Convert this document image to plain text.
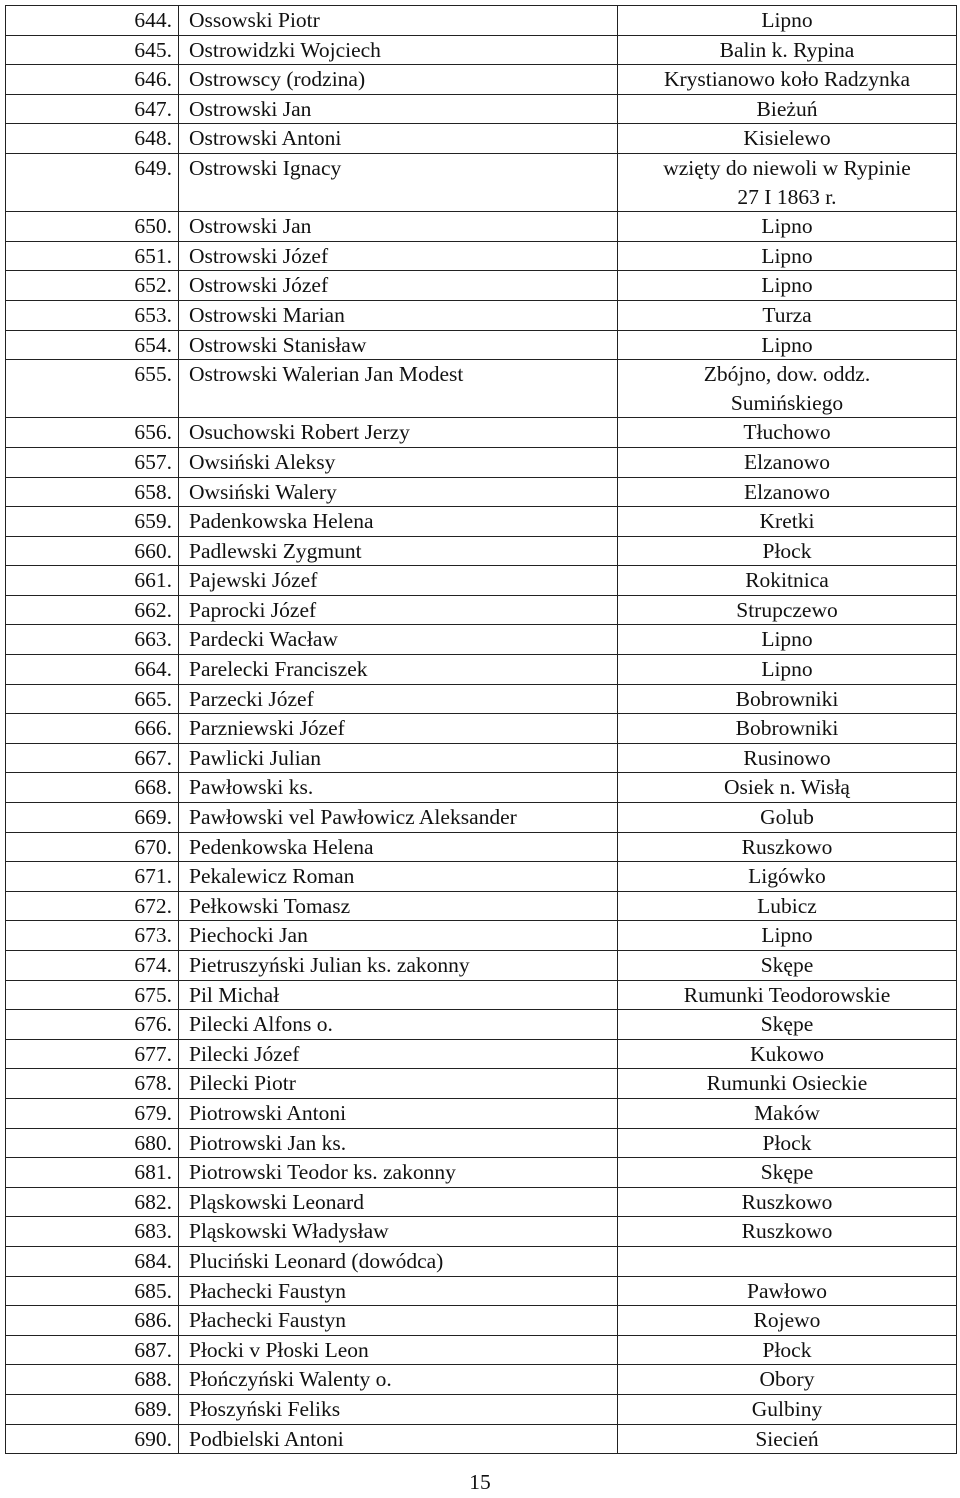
644.	Ossowski Piotr	Lipno
645.	Ostrowidzki Wojciech	Balin k. Rypina
646.	Ostrowscy (rodzina)	Krystianowo koło Radzynka
647.	Ostrowski Jan	Bieżuń
648.	Ostrowski Antoni	Kisielewo
649.	Ostrowski Ignacy	wzięty do niewoli w Rypinie
27 I 1863 r.
650.	Ostrowski Jan	Lipno
651.	Ostrowski Józef	Lipno
652.	Ostrowski Józef	Lipno
653.	Ostrowski Marian	Turza
654.	Ostrowski Stanisław	Lipno
655.	Ostrowski Walerian Jan Modest	Zbójno, dow. oddz.
Sumińskiego
656.	Osuchowski Robert Jerzy	Tłuchowo
657.	Owsiński Aleksy	Elzanowo
658.	Owsiński Walery	Elzanowo
659.	Padenkowska Helena	Kretki
660.	Padlewski Zygmunt	Płock
661.	Pajewski Józef	Rokitnica
662.	Paprocki Józef	Strupczewo
663.	Pardecki Wacław	Lipno
664.	Parelecki Franciszek	Lipno
665.	Parzecki Józef	Bobrowniki
666.	Parzniewski Józef	Bobrowniki
667.	Pawlicki Julian	Rusinowo
668.	Pawłowski ks.	Osiek n. Wisłą
669.	Pawłowski vel Pawłowicz Aleksander	Golub
670.	Pedenkowska Helena	Ruszkowo
671.	Pekalewicz Roman	Ligówko
672.	Pełkowski Tomasz	Lubicz
673.	Piechocki Jan	Lipno
674.	Pietruszyński Julian ks. zakonny	Skępe
675.	Pil Michał	Rumunki Teodorowskie
676.	Pilecki Alfons o.	Skępe
677.	Pilecki Józef	Kukowo
678.	Pilecki Piotr	Rumunki Osieckie
679.	Piotrowski Antoni	Maków
680.	Piotrowski Jan ks.	Płock
681.	Piotrowski Teodor ks. zakonny	Skępe
682.	Pląskowski Leonard	Ruszkowo
683.	Pląskowski Władysław	Ruszkowo
684.	Pluciński Leonard (dowódca)	
685.	Płachecki Faustyn	Pawłowo
686.	Płachecki Faustyn	Rojewo
687.	Płocki v Płoski Leon	Płock
688.	Płończyński Walenty o.	Obory
689.	Płoszyński Feliks	Gulbiny
690.	Podbielski Antoni	Siecień
15
